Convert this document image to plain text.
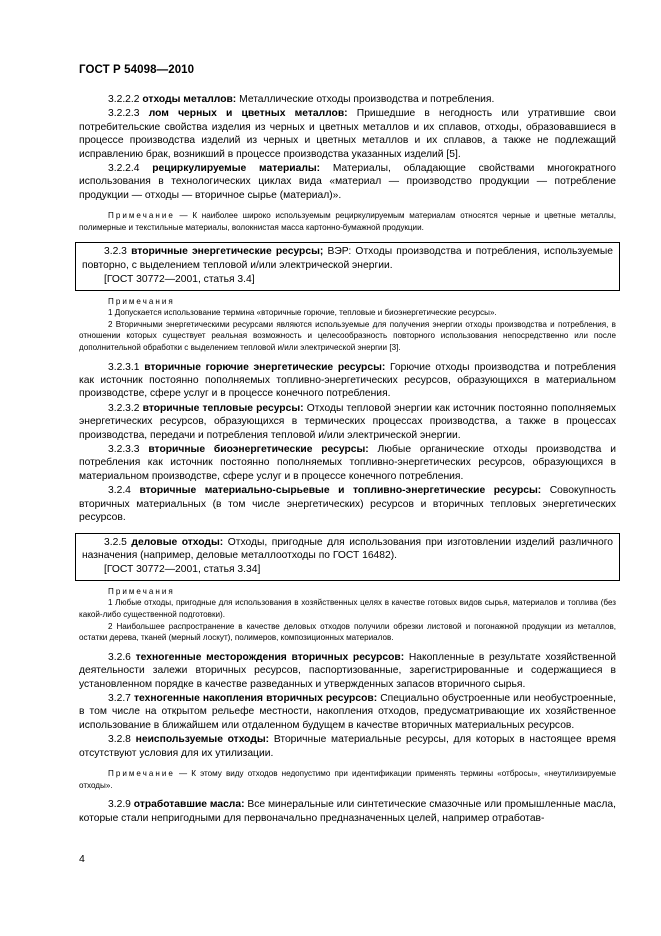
ГОСТ Р 54098—2010

3.2.2.2 отходы металлов: Металлические отходы производства и потребления.

3.2.2.3 лом черных и цветных металлов: Пришедшие в негодность или утратившие свои потребительские свойства изделия из черных и цветных металлов и их сплавов, отходы, образовавшиеся в процессе производства изделий из черных и цветных металлов и их сплавов, а также не подлежащий исправлению брак, возникший в процессе производства указанных изделий [5].

3.2.2.4 рециркулируемые материалы: Материалы, обладающие свойствами многократного использования в технологических циклах вида «материал — производство продукции — потребление продукции — отходы — вторичное сырье (материал)».

Примечание — К наиболее широко используемым рециркулируемым материалам относятся черные и цветные металлы, полимерные и текстильные материалы, волокнистая масса картонно-бумажной продукции.

3.2.3 вторичные энергетические ресурсы; ВЭР: Отходы производства и потребления, используемые повторно, с выделением тепловой и/или электрической энергии.

[ГОСТ 30772—2001, статья 3.4]

Примечания

1 Допускается использование термина «вторичные горючие, тепловые и биоэнергетические ресурсы».

2 Вторичными энергетическими ресурсами являются используемые для получения энергии отходы производства и потребления, в отношении которых существует реальная возможность и целесообразность повторного использования непосредственно или после дополнительной обработки с выделением тепловой и/или электрической энергии [3].

3.2.3.1 вторичные горючие энергетические ресурсы: Горючие отходы производства и потребления как источник постоянно пополняемых топливно-энергетических ресурсов, образующихся в материальном производстве, сфере услуг и в процессе конечного потребления.

3.2.3.2 вторичные тепловые ресурсы: Отходы тепловой энергии как источник постоянно пополняемых энергетических ресурсов, образующихся в термических процессах производства, а также в процессах производства, передачи и потребления тепловой и/или электрической энергии.

3.2.3.3 вторичные биоэнергетические ресурсы: Любые органические отходы производства и потребления как источник постоянно пополняемых топливно-энергетических ресурсов, образующихся в материальном производстве, сфере услуг и в процессе конечного потребления.

3.2.4 вторичные материально-сырьевые и топливно-энергетические ресурсы: Совокупность вторичных материальных (в том числе энергетических) ресурсов и вторичных тепловых энергетических ресурсов.

3.2.5 деловые отходы: Отходы, пригодные для использования при изготовлении изделий различного назначения (например, деловые металлоотходы по ГОСТ 16482).

[ГОСТ 30772—2001, статья 3.34]

Примечания

1 Любые отходы, пригодные для использования в хозяйственных целях в качестве готовых видов сырья, материалов и топлива (без какой-либо существенной подготовки).

2 Наибольшее распространение в качестве деловых отходов получили обрезки листовой и погонажной продукции из металлов, остатки дерева, тканей (мерный лоскут), полимеров, композиционных материалов.

3.2.6 техногенные месторождения вторичных ресурсов: Накопленные в результате хозяйственной деятельности залежи вторичных ресурсов, паспортизованные, зарегистрированные и содержащиеся в установленном порядке в качестве разведанных и утвержденных запасов вторичного сырья.

3.2.7 техногенные накопления вторичных ресурсов: Специально обустроенные или необустроенные, в том числе на открытом рельефе местности, накопления отходов, предусматривающие их хозяйственное использование в ближайшем или отдаленном будущем в качестве вторичных материальных ресурсов.

3.2.8 неиспользуемые отходы: Вторичные материальные ресурсы, для которых в настоящее время отсутствуют условия для их утилизации.

Примечание — К этому виду отходов недопустимо при идентификации применять термины «отбросы», «неутилизируемые отходы».

3.2.9 отработавшие масла: Все минеральные или синтетические смазочные или промышленные масла, которые стали непригодными для первоначально предназначенных целей, например отработав-

4
